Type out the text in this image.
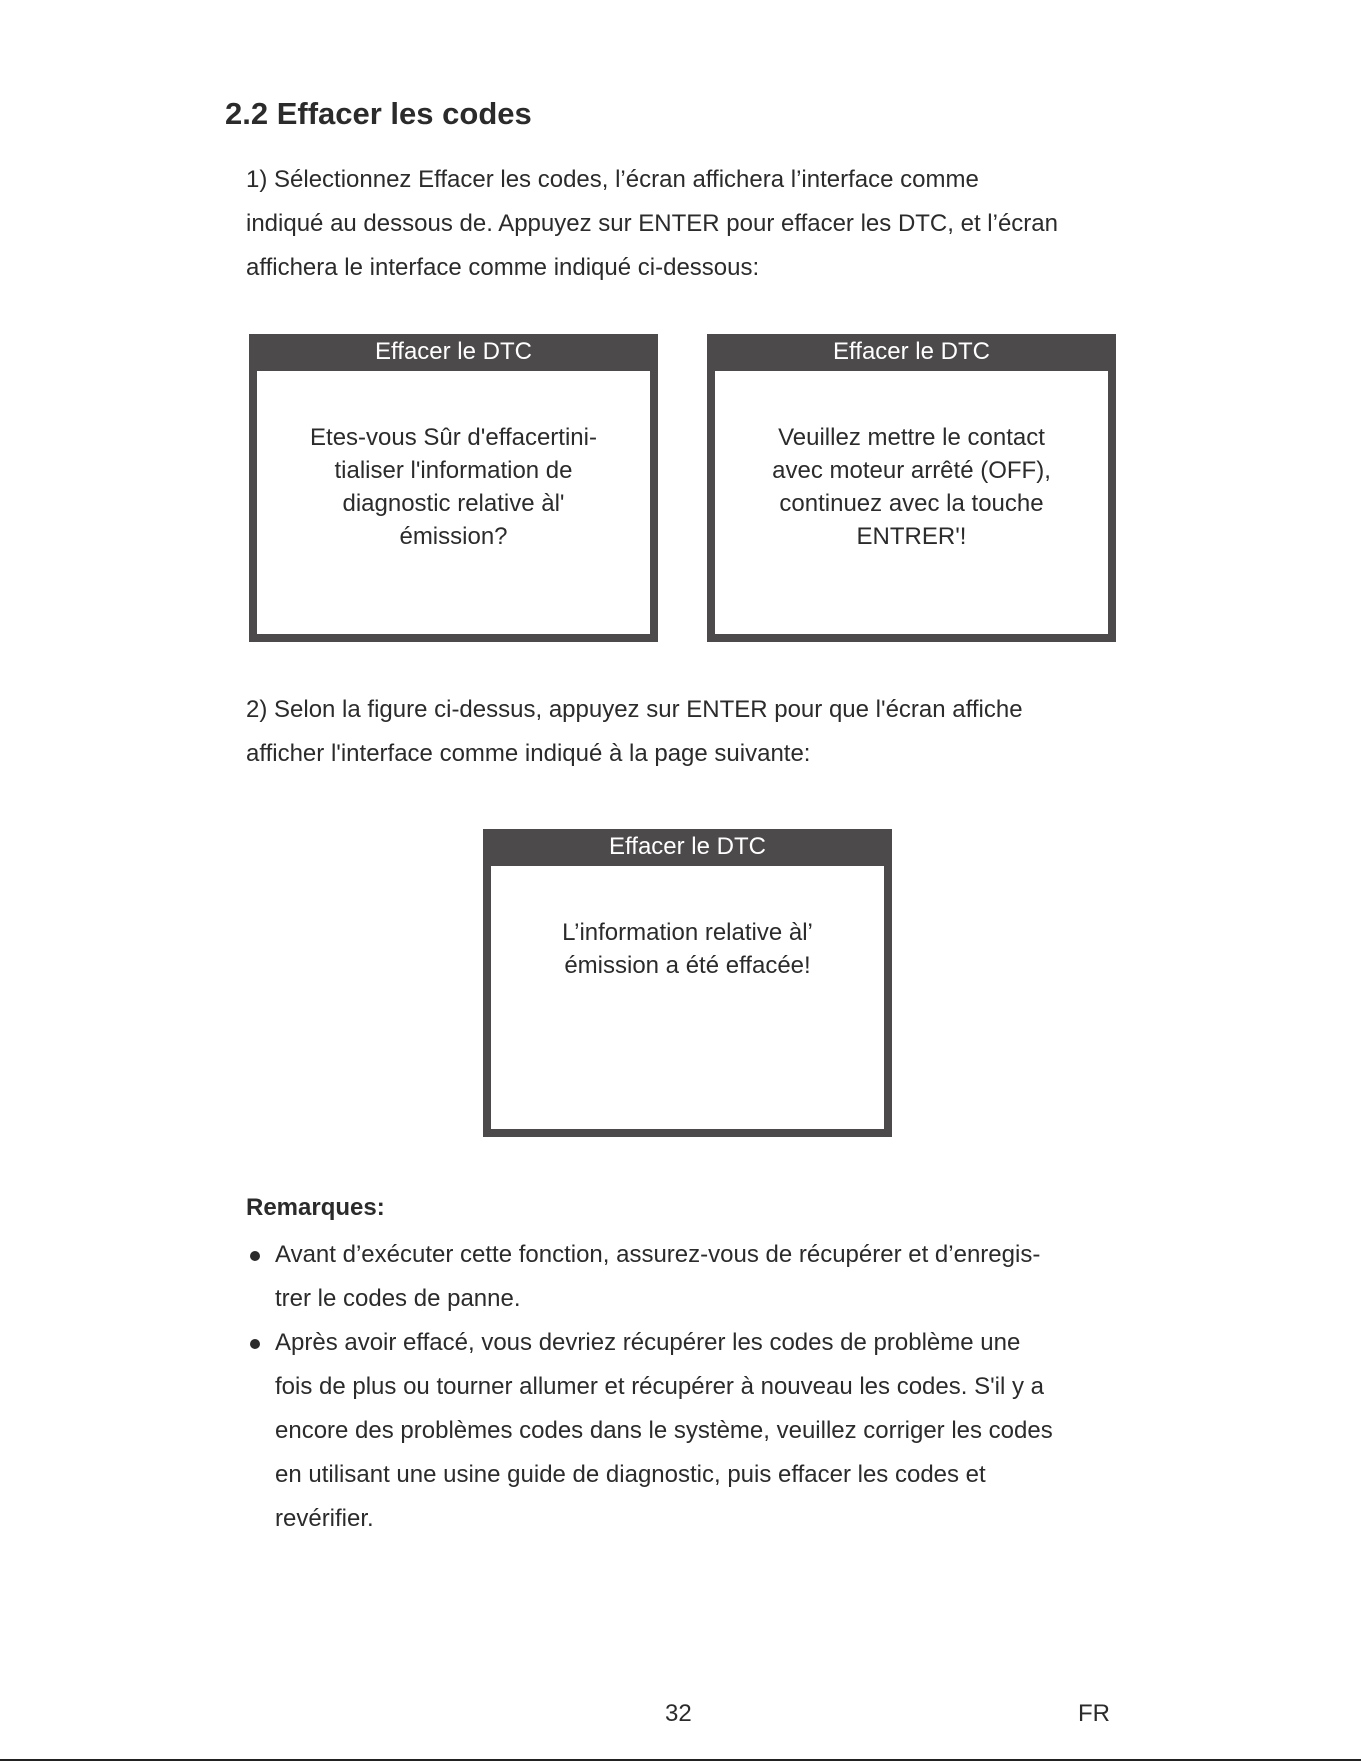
2.2 Effacer les codes
1) Sélectionnez Effacer les codes, l’écran affichera l’interface comme
indiqué au dessous de. Appuyez sur ENTER pour effacer les DTC, et l’écran
affichera le interface comme indiqué ci-dessous:
Effacer le DTC
Etes-vous Sûr d'effacertini-
tialiser l'information de
diagnostic relative àl'
émission?
Effacer le DTC
Veuillez mettre le contact
avec moteur arrêté (OFF),
continuez avec la touche
ENTRER'!
2) Selon la figure ci-dessus, appuyez sur ENTER pour que l'écran affiche
afficher l'interface comme indiqué à la page suivante:
Effacer le DTC
L’information relative àl’
émission a été effacée!
Remarques:
Avant d’exécuter cette fonction, assurez-vous de récupérer et d’enregis-
trer le codes de panne.
Après avoir effacé, vous devriez récupérer les codes de problème une
fois de plus ou tourner allumer et récupérer à nouveau les codes. S'il y a
encore des problèmes codes dans le système, veuillez corriger les codes
en utilisant une usine guide de diagnostic, puis effacer les codes et
revérifier.
32	FR
